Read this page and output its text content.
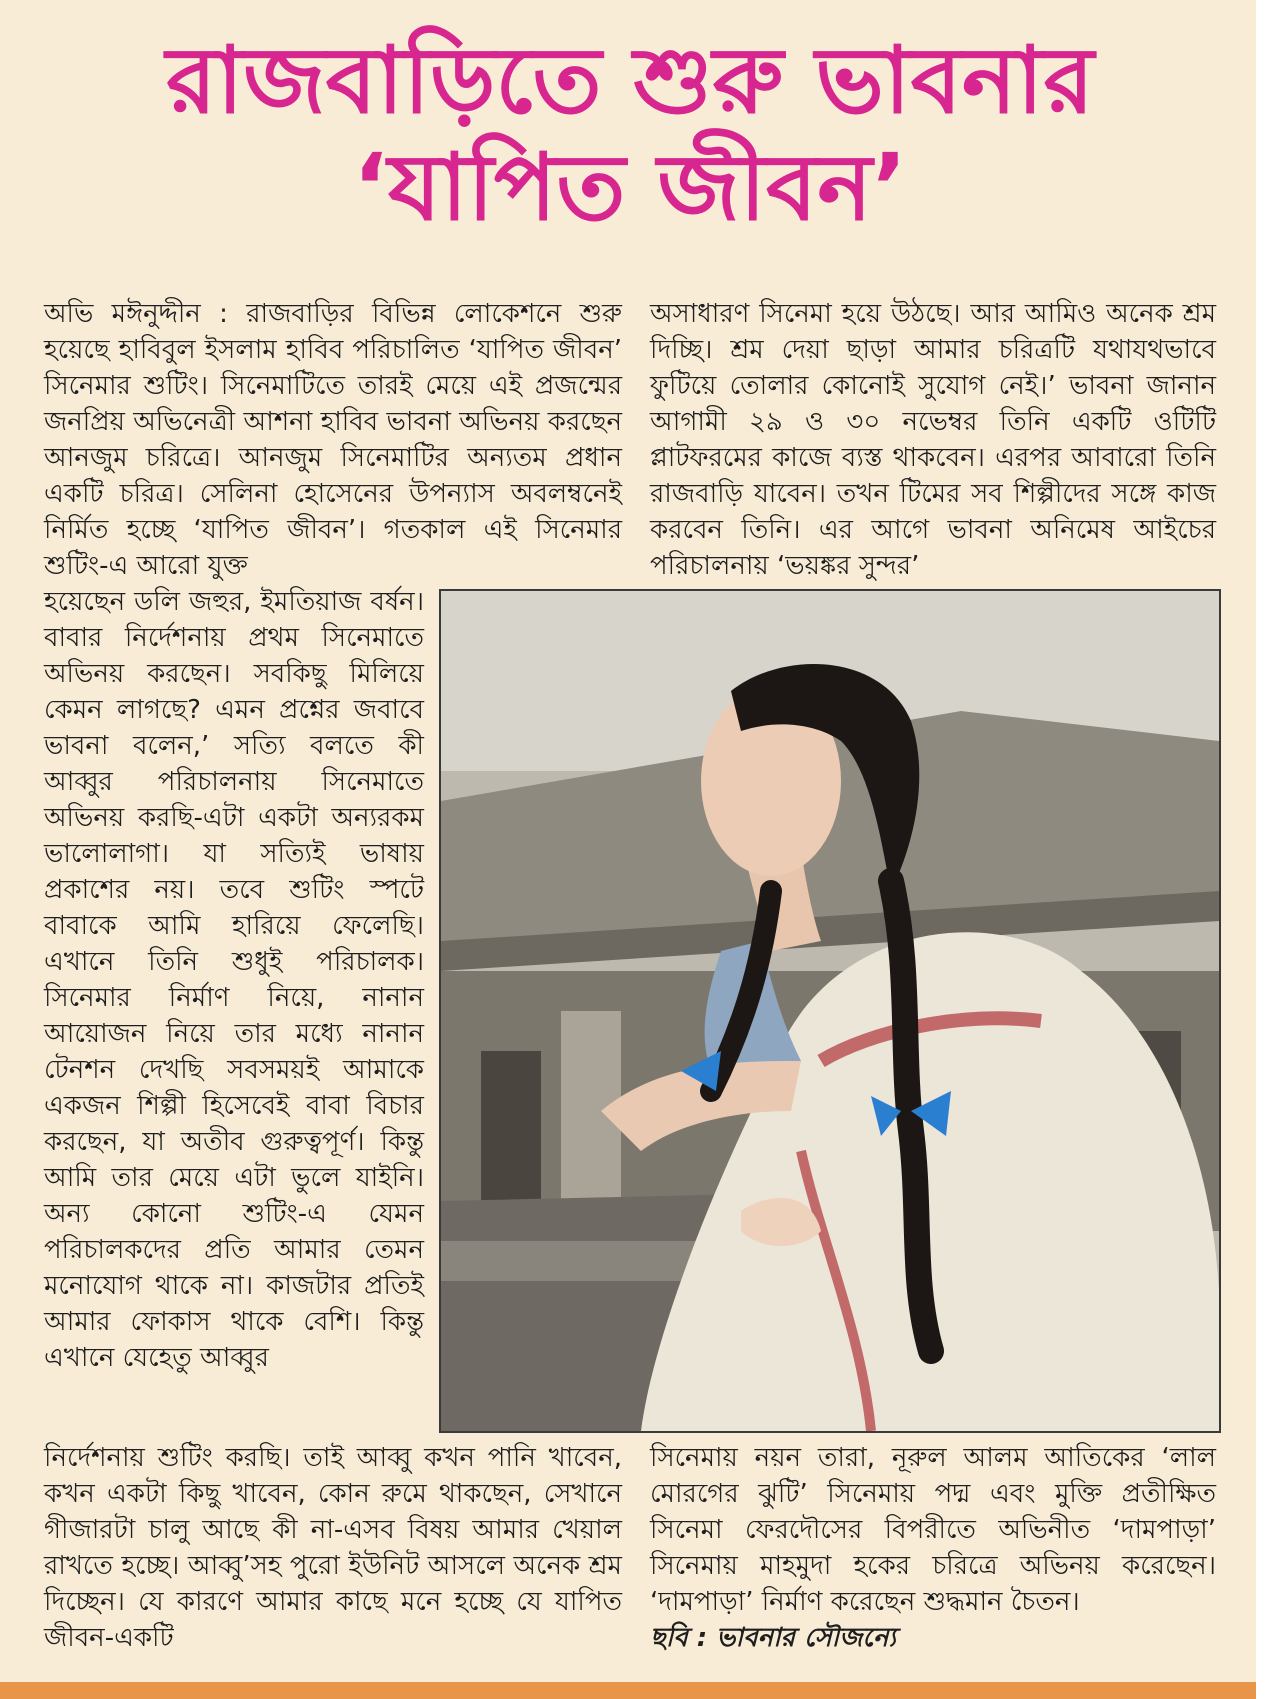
রাজবাড়িতে শুরু ভাবনার
‘যাপিত জীবন’

অভি মঈনুদ্দীন : রাজবাড়ির বিভিন্ন লোকেশনে শুরু হয়েছে হাবিবুল ইসলাম হাবিব পরিচালিত ‘যাপিত জীবন’ সিনেমার শুটিং। সিনেমাটিতে তারই মেয়ে এই প্রজন্মের জনপ্রিয় অভিনেত্রী আশনা হাবিব ভাবনা অভিনয় করছেন আনজুম চরিত্রে। আনজুম সিনেমাটির অন্যতম প্রধান একটি চরিত্র। সেলিনা হোসেনের উপন্যাস অবলম্বনেই নির্মিত হচ্ছে ‘যাপিত জীবন’। গতকাল এই সিনেমার শুটিং-এ আরো যুক্ত

হয়েছেন ডলি জহুর, ইমতিয়াজ বর্ষন। বাবার নির্দেশনায় প্রথম সিনেমাতে অভিনয় করছেন। সবকিছু মিলিয়ে কেমন লাগছে? এমন প্রশ্নের জবাবে ভাবনা বলেন,’ সত্যি বলতে কী আব্বুর পরিচালনায় সিনেমাতে অভিনয় করছি-এটা একটা অন্যরকম ভালোলাগা। যা সত্যিই ভাষায় প্রকাশের নয়। তবে শুটিং স্পটে বাবাকে আমি হারিয়ে ফেলেছি। এখানে তিনি শুধুই পরিচালক। সিনেমার নির্মাণ নিয়ে, নানান আয়োজন নিয়ে তার মধ্যে নানান টেনশন দেখছি সবসময়ই আমাকে একজন শিল্পী হিসেবেই বাবা বিচার করছেন, যা অতীব গুরুত্বপূর্ণ। কিন্তু আমি তার মেয়ে এটা ভুলে যাইনি। অন্য কোনো শুটিং-এ যেমন পরিচালকদের প্রতি আমার তেমন মনোযোগ থাকে না। কাজটার প্রতিই আমার ফোকাস থাকে বেশি। কিন্তু এখানে যেহেতু আব্বুর

নির্দেশনায় শুটিং করছি। তাই আব্বু কখন পানি খাবেন, কখন একটা কিছু খাবেন, কোন রুমে থাকছেন, সেখানে গীজারটা চালু আছে কী না-এসব বিষয় আমার খেয়াল রাখতে হচ্ছে। আব্বু’সহ পুরো ইউনিট আসলে অনেক শ্রম দিচ্ছেন। যে কারণে আমার কাছে মনে হচ্ছে যে যাপিত জীবন-একটি

অসাধারণ সিনেমা হয়ে উঠছে। আর আমিও অনেক শ্রম দিচ্ছি। শ্রম দেয়া ছাড়া আমার চরিত্রটি যথাযথভাবে ফুটিয়ে তোলার কোনোই সুযোগ নেই।’ ভাবনা জানান আগামী ২৯ ও ৩০ নভেম্বর তিনি একটি ওটিটি প্লাটফরমের কাজে ব্যস্ত থাকবেন। এরপর আবারো তিনি রাজবাড়ি যাবেন। তখন টিমের সব শিল্পীদের সঙ্গে কাজ করবেন তিনি। এর আগে ভাবনা অনিমেষ আইচের পরিচালনায় ‘ভয়ঙ্কর সুন্দর’

সিনেমায় নয়ন তারা, নূরুল আলম আতিকের ‘লাল মোরগের ঝুটি’ সিনেমায় পদ্ম এবং মুক্তি প্রতীক্ষিত সিনেমা ফেরদৌসের বিপরীতে অভিনীত ‘দামপাড়া’ সিনেমায় মাহমুদা হকের চরিত্রে অভিনয় করেছেন। ‘দামপাড়া’ নির্মাণ করেছেন শুদ্ধমান চৈতন।

ছবি : ভাবনার সৌজন্যে
